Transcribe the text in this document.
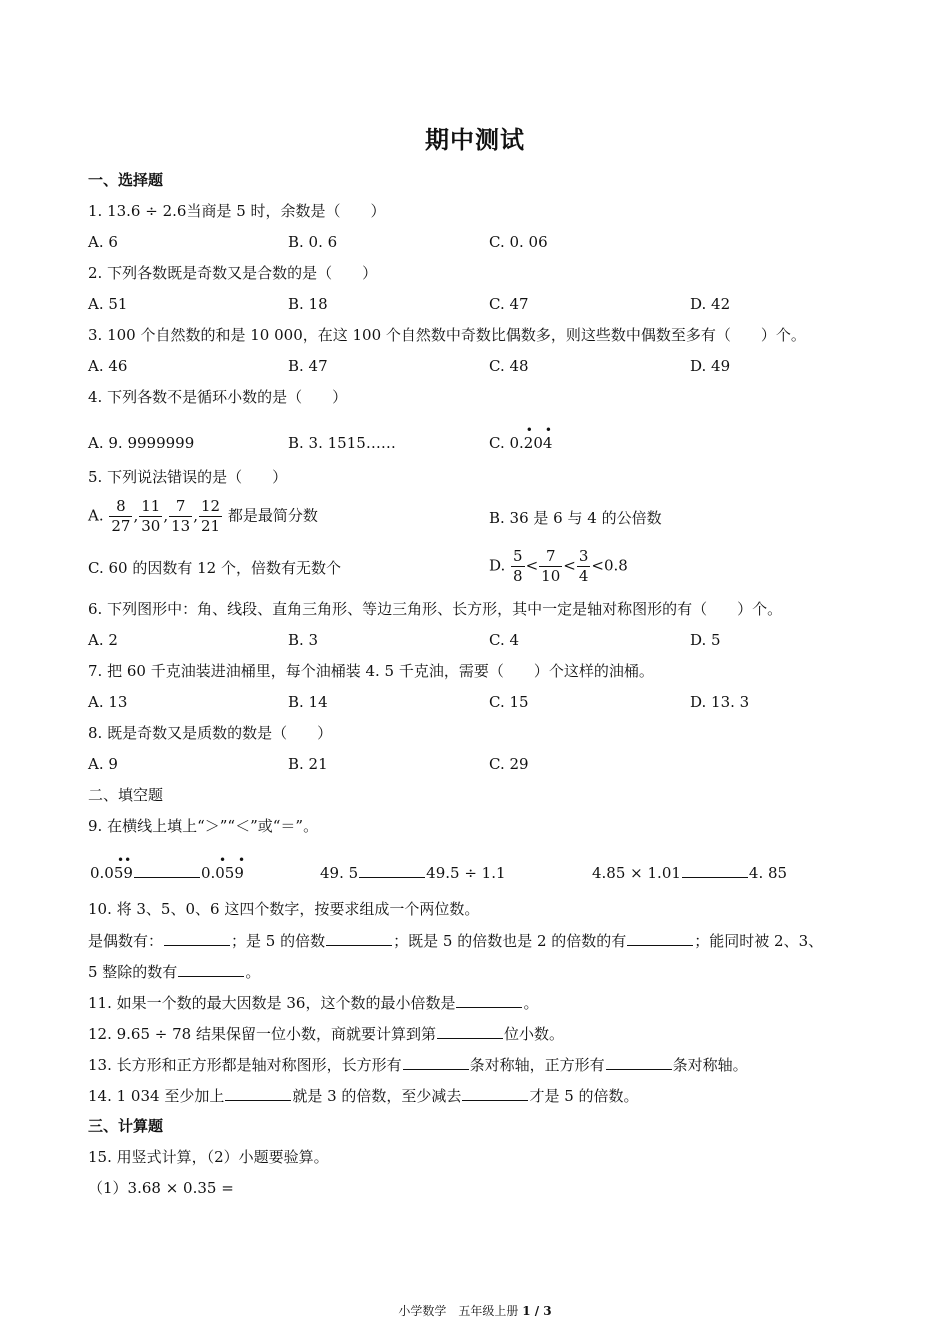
期中测试
一、选择题
1. 13.6 ÷ 2.6当商是 5 时，余数是（　　）
A. 6	B. 0. 6	C. 0. 06
2. 下列各数既是奇数又是合数的是（　　）
A. 51	B. 18	C. 47	D. 42
3. 100 个自然数的和是 10 000，在这 100 个自然数中奇数比偶数多，则这些数中偶数至多有（　　）个。
A. 46	B. 47	C. 48	D. 49
4. 下列各数不是循环小数的是（　　）
A. 9. 9999999	B. 3. 1515……	C. 0.
•
20
•
4
5. 下列说法错误的是（　　）
A. $\frac{8}{27}$ , $\frac{11}{30}$ , $\frac{7}{13}$ , $\frac{12}{21}$ 都是最简分数	B. 36 是 6 与 4 的公倍数
C. 60 的因数有 12 个，倍数有无数个	D. $\frac{5}{8} < \frac{7}{10} < \frac{3}{4} <0.8$
6. 下列图形中：角、线段、直角三角形、等边三角形、长方形，其中一定是轴对称图形的有（　　）个。
A. 2	B. 3	C. 4	D. 5
7. 把 60 千克油装进油桶里，每个油桶装 4. 5 千克油，需要（　　）个这样的油桶。
A. 13	B. 14	C. 15	D. 13. 3
8. 既是奇数又是质数的数是（　　）
A. 9	B. 21	C. 29
二、填空题
9. 在横线上填上“＞”“＜”或“＝”。
••
0.059
• •
0.059	49. 5	49.5 ÷ 1.1	4.85 × 1.01	4. 85
10. 将 3、5、0、6 这四个数字，按要求组成一个两位数。
是偶数有：	；是 5 的倍数	；既是 5 的倍数也是 2 的倍数的有	；能同时被 2、3、
5 整除的数有	。
11. 如果一个数的最大因数是 36，这个数的最小倍数是	。
12. 9.65 ÷ 78 结果保留一位小数，商就要计算到第	位小数。
13. 长方形和正方形都是轴对称图形，长方形有	条对称轴，正方形有	条对称轴。
14. 1 034 至少加上	就是 3 的倍数，至少减去	才是 5 的倍数。
三、计算题
15. 用竖式计算，（2）小题要验算。
（1）3.68 × 0.35 =
小学数学　五年级上册 1 / 3
